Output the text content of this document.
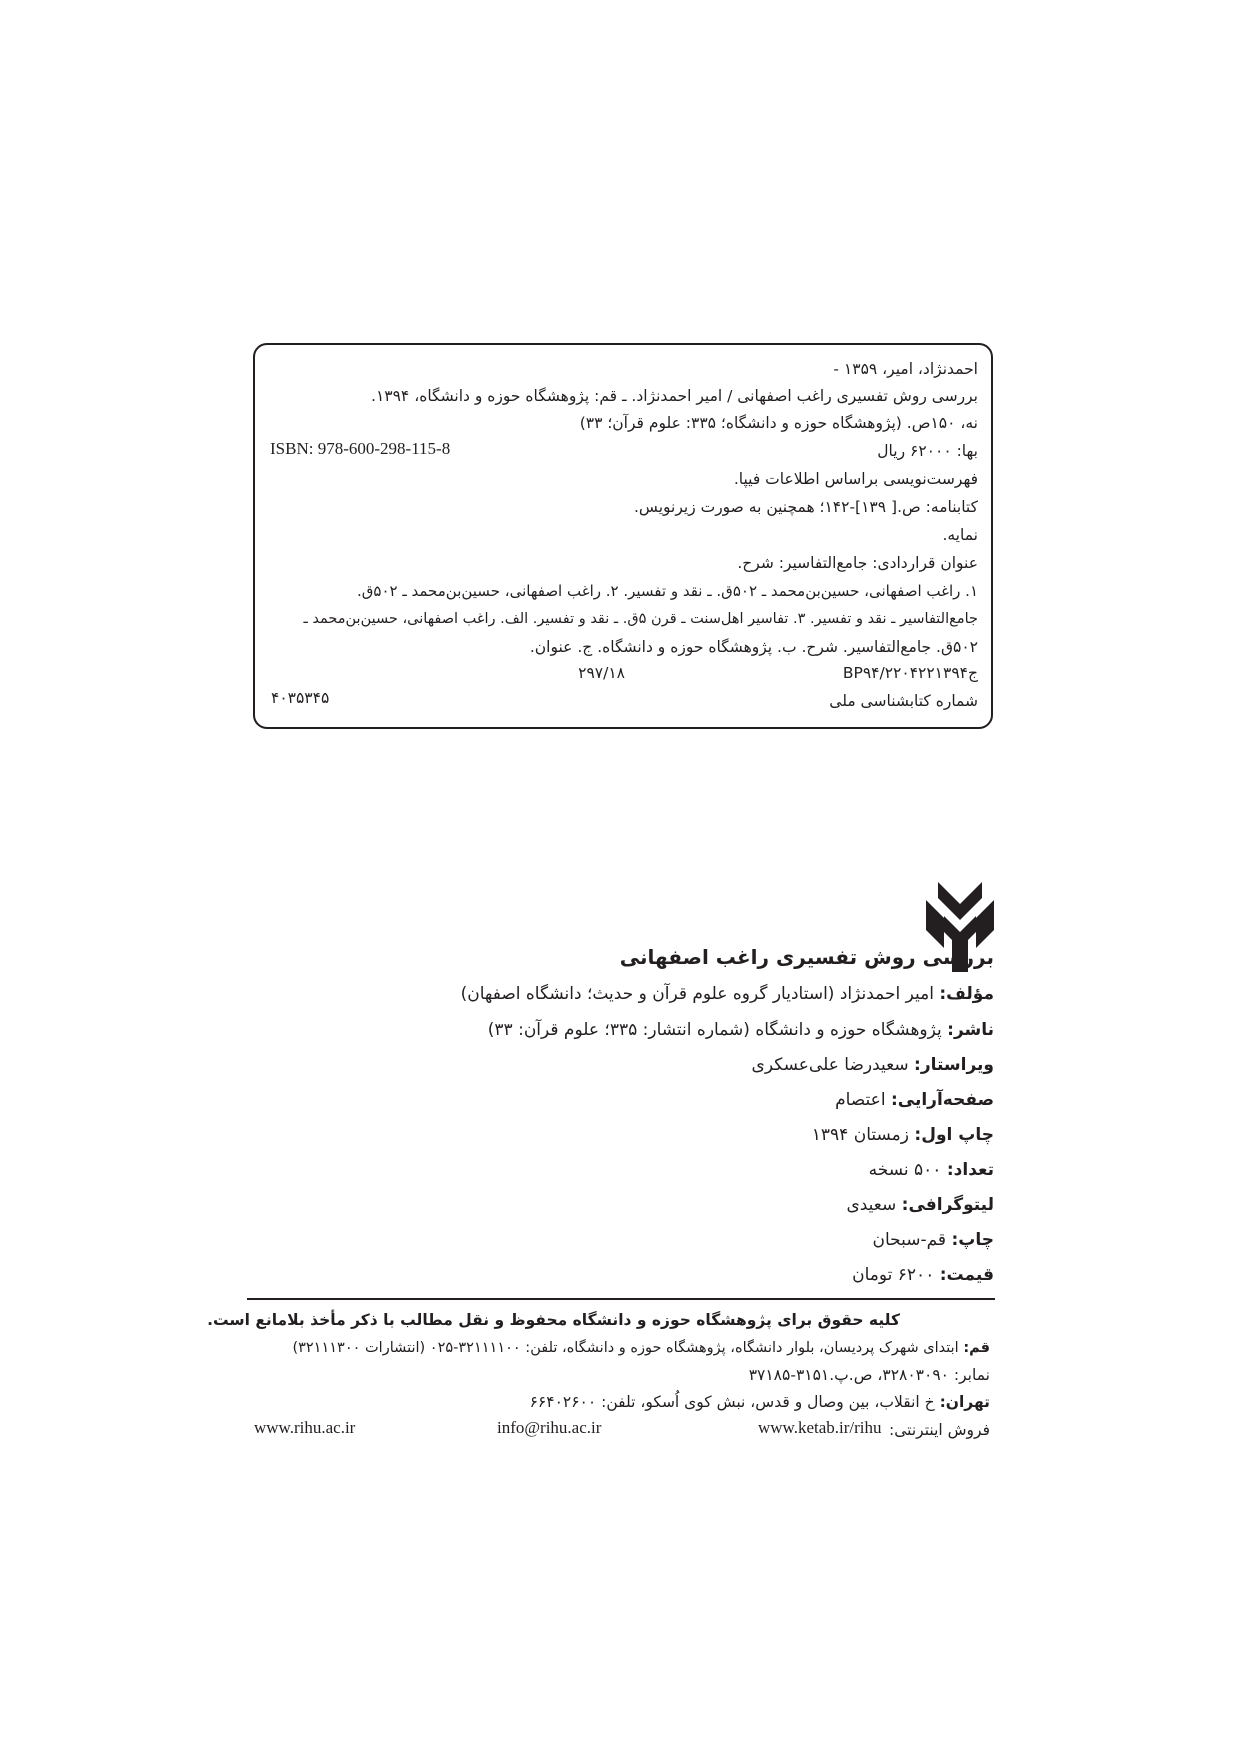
احمدنژاد، امیر، ۱۳۵۹ -
بررسی روش تفسیری راغب اصفهانی / امیر احمدنژاد. ـ قم: پژوهشگاه حوزه و دانشگاه، ۱۳۹۴.
نه، ۱۵۰ص. (پژوهشگاه حوزه و دانشگاه؛ ۳۳۵: علوم قرآن؛ ۳۳)
بها: ۶۲۰۰۰ ریال
ISBN: 978-600-298-115-8
فهرست‌نویسی براساس اطلاعات فیپا.
کتابنامه: ص.[ ۱۳۹]-۱۴۲؛ همچنین به صورت زیرنویس.
نمایه.
عنوان قراردادی: جامع‌التفاسیر: شرح.
۱. راغب اصفهانی، حسین‌بن‌محمد ـ ۵۰۲ق. ـ نقد و تفسیر. ۲. راغب اصفهانی، حسین‌بن‌محمد ـ ۵۰۲ق.
جامع‌التفاسیر ـ نقد و تفسیر. ۳. تفاسیر اهل‌سنت ـ قرن ۵ق. ـ نقد و تفسیر. الف. راغب اصفهانی، حسین‌بن‌محمد ـ
۵۰۲ق. جامع‌التفاسیر. شرح. ب. پژوهشگاه حوزه و دانشگاه. ج. عنوان.
BP۹۴/۲ج۲۰۴۲۲۱۳۹۴
۲۹۷/۱۸
شماره کتابشناسی ملی
۴۰۳۵۳۴۵
بررسی روش تفسیری راغب اصفهانی
مؤلف: امیر احمدنژاد (استادیار گروه علوم قرآن و حدیث؛ دانشگاه اصفهان)
ناشر: پژوهشگاه حوزه و دانشگاه (شماره انتشار: ۳۳۵؛ علوم قرآن: ۳۳)
ویراستار: سعیدرضا علی‌عسکری
صفحه‌آرایی: اعتصام
چاپ اول: زمستان ۱۳۹۴
تعداد: ۵۰۰ نسخه
لیتوگرافی: سعیدی
چاپ: قم-سبحان
قیمت: ۶۲۰۰ تومان
کلیه حقوق برای پژوهشگاه حوزه و دانشگاه محفوظ و نقل مطالب با ذکر مأخذ بلامانع است.
قم: ابتدای شهرک پردیسان، بلوار دانشگاه، پژوهشگاه حوزه و دانشگاه، تلفن: ۳۲۱۱۱۱۰۰-۰۲۵ (انتشارات ۳۲۱۱۱۳۰۰)
نمابر: ۳۲۸۰۳۰۹۰، ص.پ.۳۱۵۱-۳۷۱۸۵
تهران: خ انقلاب، بین وصال و قدس، نبش کوی اُسکو، تلفن: ۶۶۴۰۲۶۰۰
فروش اینترنتی:
www.ketab.ir/rihu
info@rihu.ac.ir
www.rihu.ac.ir
